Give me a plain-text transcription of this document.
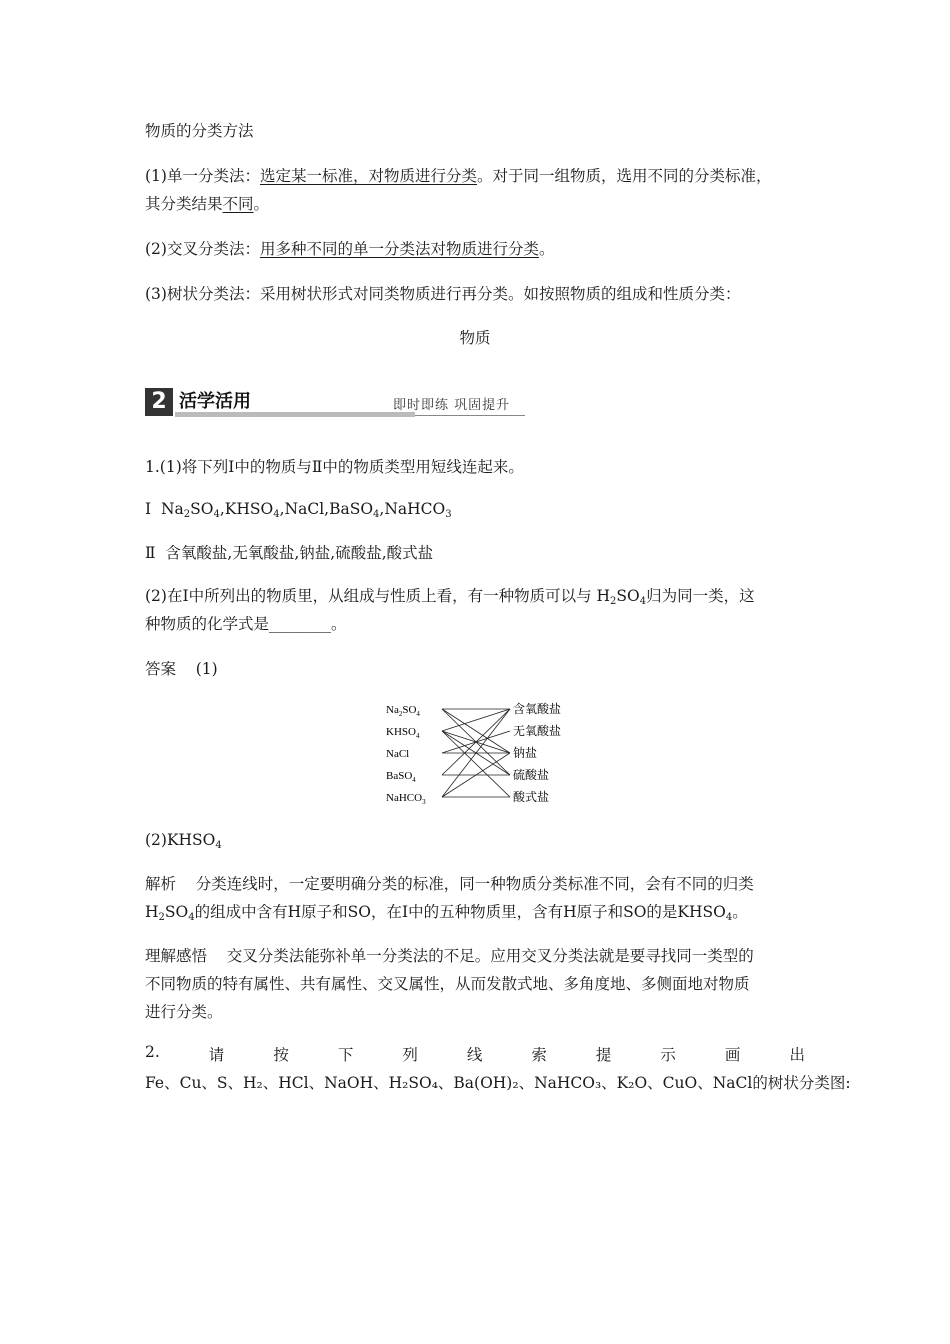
物质的分类方法
(1)单一分类法：选定某一标准，对物质进行分类。对于同一组物质，选用不同的分类标准，
其分类结果不同。
(2)交叉分类法：用多种不同的单一分类法对物质进行分类。
(3)树状分类法：采用树状形式对同类物质进行再分类。如按照物质的组成和性质分类：
物质
2 活学活用	即时即练 巩固提升
1.(1)将下列Ⅰ中的物质与Ⅱ中的物质类型用短线连起来。
Ⅰ $Na_2SO_4,KHSO_4,NaCl,BaSO_4,NaHCO_3$
Ⅱ 含氧酸盐,无氧酸盐,钠盐,硫酸盐,酸式盐
(2)在Ⅰ中所列出的物质里，从组成与性质上看，有一种物质可以与 $H_2SO_4$归为同一类，这
种物质的化学式是________。
答案 (1)
$Na_2SO_4$
$KHSO_4$
NaCl
BaSO$_4$
NaHCO$_3$
含氧酸盐
无氧酸盐
钠盐
硫酸盐
酸式盐
$(2)KHSO_4$
解析 分类连线时，一定要明确分类的标准，同一种物质分类标准不同，会有不同的归类
$H_2SO_4$的组成中含有H原子和SO，在Ⅰ中的五种物质里，含有H原子和SO的是$KHSO_4$。
理解感悟 交叉分类法能弥补单一分类法的不足。应用交叉分类法就是要寻找同一类型的
不同物质的特有属性、共有属性、交叉属性，从而发散式地、多角度地、多侧面地对物质
进行分类。
2.	请	按	下	列	线	索	提	示	画	出
Fe、Cu、S、H₂、HCl、NaOH、H₂SO₄、Ba(OH)₂、NaHCO₃、K₂O、CuO、NaCl的树状分类图:
